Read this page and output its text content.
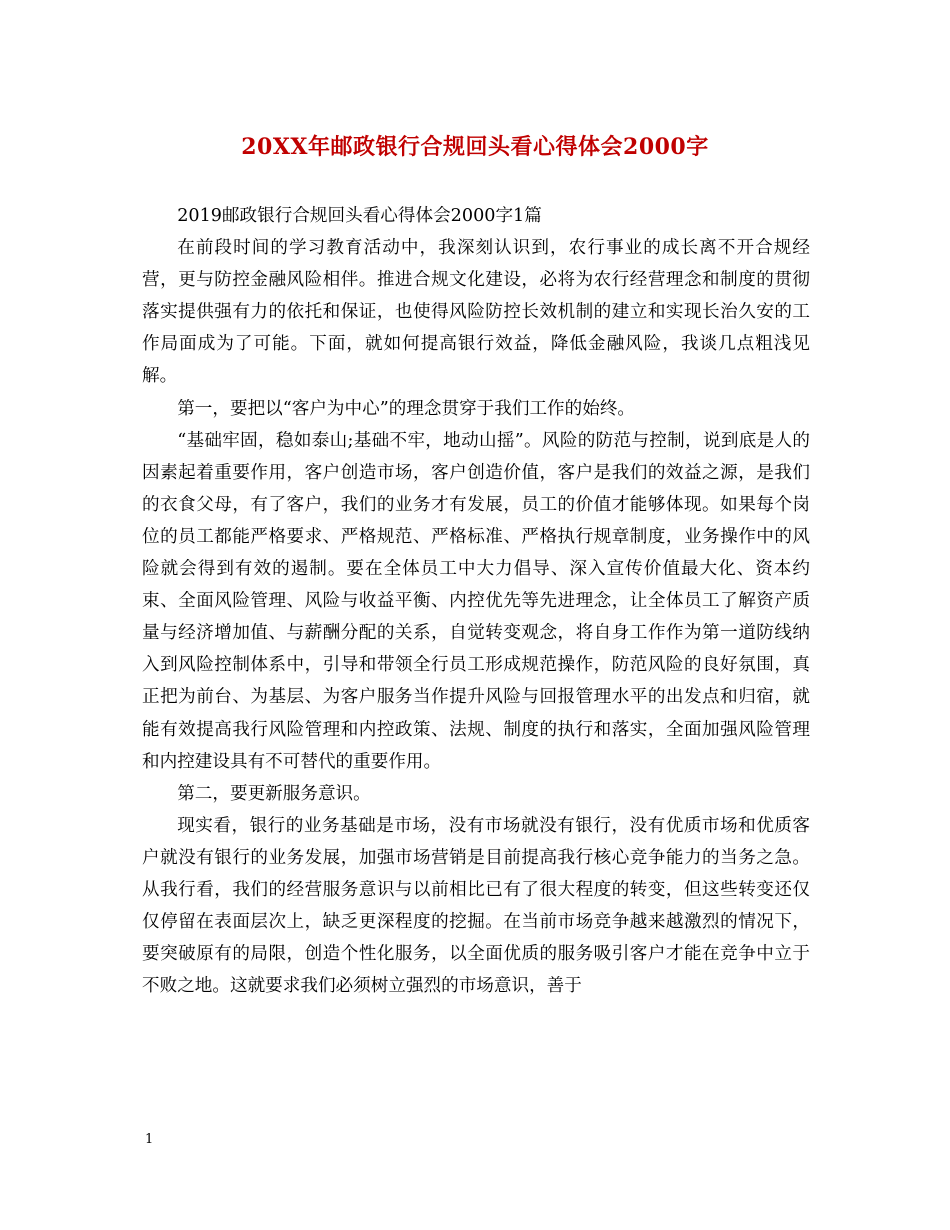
20XX年邮政银行合规回头看心得体会2000字

2019邮政银行合规回头看心得体会2000字1篇

在前段时间的学习教育活动中，我深刻认识到，农行事业的成长离不开合规经营，更与防控金融风险相伴。推进合规文化建设，必将为农行经营理念和制度的贯彻落实提供强有力的依托和保证，也使得风险防控长效机制的建立和实现长治久安的工作局面成为了可能。下面，就如何提高银行效益，降低金融风险，我谈几点粗浅见解。

第一，要把以“客户为中心”的理念贯穿于我们工作的始终。

“基础牢固，稳如泰山;基础不牢，地动山摇”。风险的防范与控制，说到底是人的因素起着重要作用，客户创造市场，客户创造价值，客户是我们的效益之源，是我们的衣食父母，有了客户，我们的业务才有发展，员工的价值才能够体现。如果每个岗位的员工都能严格要求、严格规范、严格标准、严格执行规章制度，业务操作中的风险就会得到有效的遏制。要在全体员工中大力倡导、深入宣传价值最大化、资本约束、全面风险管理、风险与收益平衡、内控优先等先进理念，让全体员工了解资产质量与经济增加值、与薪酬分配的关系，自觉转变观念，将自身工作作为第一道防线纳入到风险控制体系中，引导和带领全行员工形成规范操作，防范风险的良好氛围，真正把为前台、为基层、为客户服务当作提升风险与回报管理水平的出发点和归宿，就能有效提高我行风险管理和内控政策、法规、制度的执行和落实，全面加强风险管理和内控建设具有不可替代的重要作用。

第二，要更新服务意识。

现实看，银行的业务基础是市场，没有市场就没有银行，没有优质市场和优质客户就没有银行的业务发展，加强市场营销是目前提高我行核心竞争能力的当务之急。从我行看，我们的经营服务意识与以前相比已有了很大程度的转变，但这些转变还仅仅停留在表面层次上，缺乏更深程度的挖掘。在当前市场竞争越来越激烈的情况下，要突破原有的局限，创造个性化服务，以全面优质的服务吸引客户才能在竞争中立于不败之地。这就要求我们必须树立强烈的市场意识，善于

1
